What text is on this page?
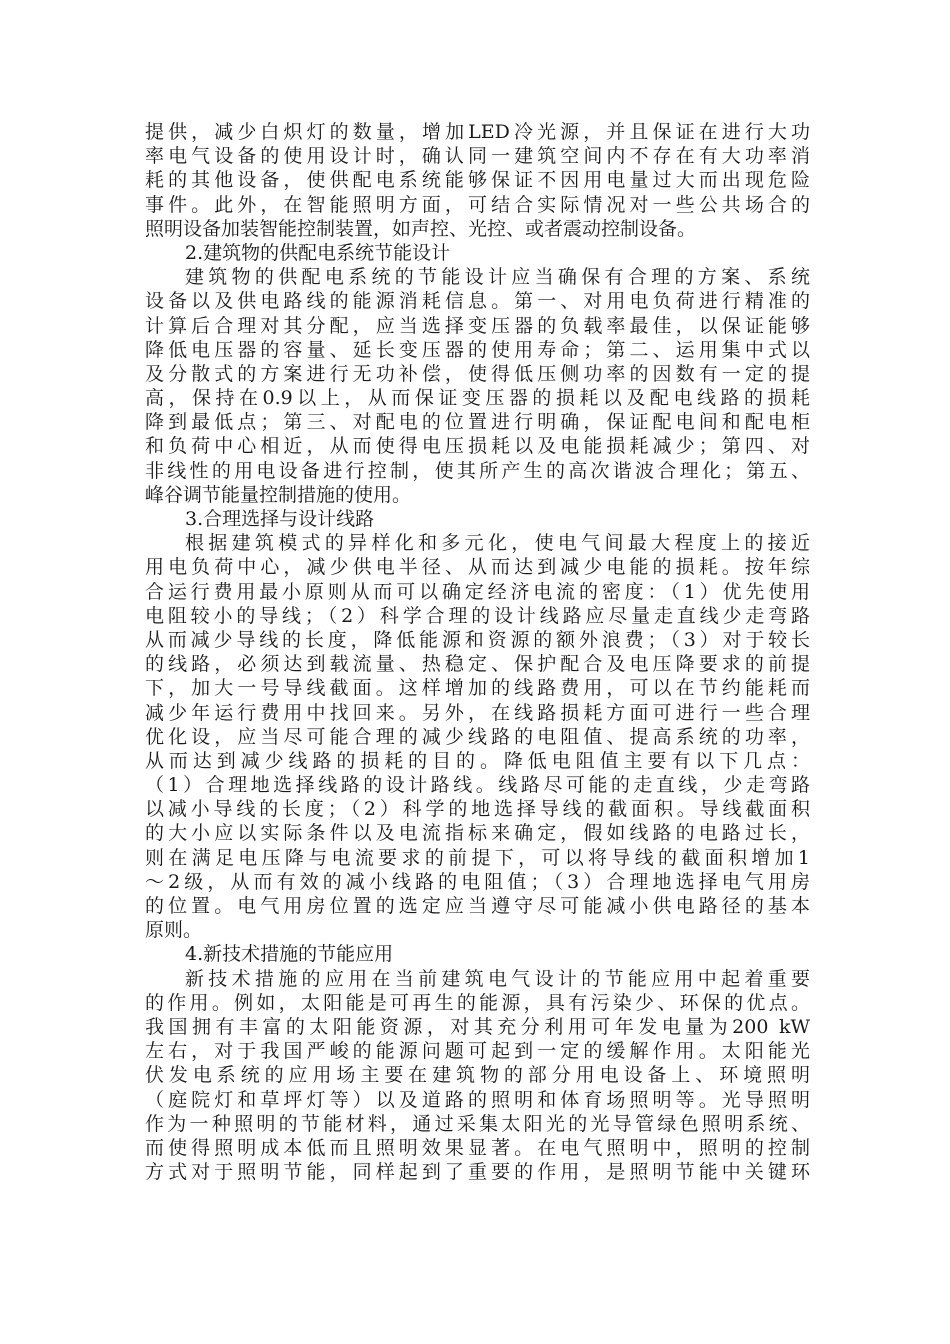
提供，减少白炽灯的数量，增加LED冷光源，并且保证在进行大功
率电气设备的使用设计时，确认同一建筑空间内不存在有大功率消
耗的其他设备，使供配电系统能够保证不因用电量过大而出现危险
事件。此外，在智能照明方面，可结合实际情况对一些公共场合的
照明设备加装智能控制装置，如声控、光控、或者震动控制设备。
2.建筑物的供配电系统节能设计
建筑物的供配电系统的节能设计应当确保有合理的方案、系统
设备以及供电路线的能源消耗信息。第一、对用电负荷进行精准的
计算后合理对其分配，应当选择变压器的负载率最佳，以保证能够
降低电压器的容量、延长变压器的使用寿命；第二、运用集中式以
及分散式的方案进行无功补偿，使得低压侧功率的因数有一定的提
高，保持在0.9以上，从而保证变压器的损耗以及配电线路的损耗
降到最低点；第三、对配电的位置进行明确，保证配电间和配电柜
和负荷中心相近，从而使得电压损耗以及电能损耗减少；第四、对
非线性的用电设备进行控制，使其所产生的高次谐波合理化；第五、
峰谷调节能量控制措施的使用。
3.合理选择与设计线路
根据建筑模式的异样化和多元化，使电气间最大程度上的接近
用电负荷中心，减少供电半径、从而达到减少电能的损耗。按年综
合运行费用最小原则从而可以确定经济电流的密度：（1）优先使用
电阻较小的导线；（2）科学合理的设计线路应尽量走直线少走弯路
从而减少导线的长度，降低能源和资源的额外浪费；（3）对于较长
的线路，必须达到载流量、热稳定、保护配合及电压降要求的前提
下，加大一号导线截面。这样增加的线路费用，可以在节约能耗而
减少年运行费用中找回来。另外，在线路损耗方面可进行一些合理
优化设，应当尽可能合理的减少线路的电阻值、提高系统的功率，
从而达到减少线路的损耗的目的。降低电阻值主要有以下几点：
（1）合理地选择线路的设计路线。线路尽可能的走直线，少走弯路
以减小导线的长度；（2）科学的地选择导线的截面积。导线截面积
的大小应以实际条件以及电流指标来确定，假如线路的电路过长，
则在满足电压降与电流要求的前提下，可以将导线的截面积增加1
～2级，从而有效的减小线路的电阻值；（3）合理地选择电气用房
的位置。电气用房位置的选定应当遵守尽可能减小供电路径的基本
原则。
4.新技术措施的节能应用
新技术措施的应用在当前建筑电气设计的节能应用中起着重要
的作用。例如，太阳能是可再生的能源，具有污染少、环保的优点。
我国拥有丰富的太阳能资源，对其充分利用可年发电量为200 kW
左右，对于我国严峻的能源问题可起到一定的缓解作用。太阳能光
伏发电系统的应用场主要在建筑物的部分用电设备上、环境照明
（庭院灯和草坪灯等）以及道路的照明和体育场照明等。光导照明
作为一种照明的节能材料，通过采集太阳光的光导管绿色照明系统、
而使得照明成本低而且照明效果显著。在电气照明中，照明的控制
方式对于照明节能，同样起到了重要的作用，是照明节能中关键环
